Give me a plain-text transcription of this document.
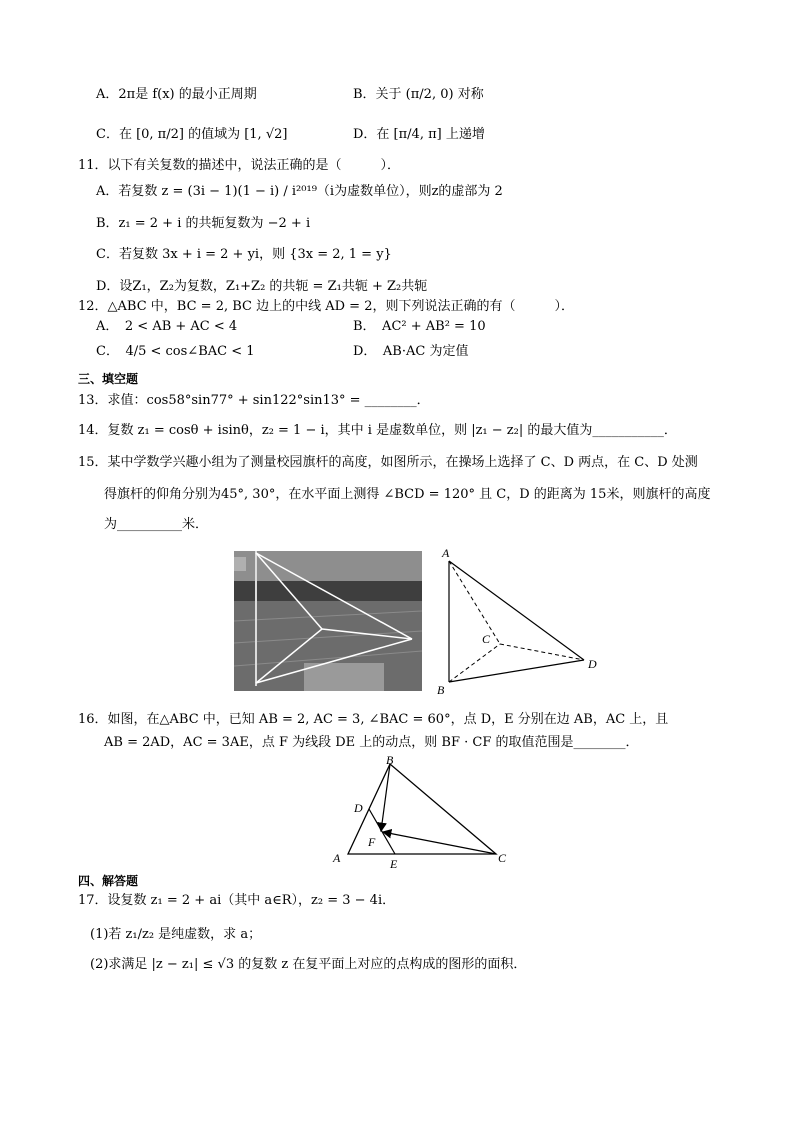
A．2π是 f(x) 的最小正周期	B．关于 (π/2, 0) 对称
C．在 [0, π/2] 的值域为 [1, √2]	D．在 [π/4, π] 上递增
11．以下有关复数的描述中，说法正确的是（　　　）．
A．若复数 z = (3i − 1)(1 − i) / i²⁰¹⁹（i为虚数单位），则z的虚部为 2
B．z₁ = 2 + i 的共轭复数为 −2 + i
C．若复数 3x + i = 2 + yi，则 {3x = 2, 1 = y}
D．设Z₁，Z₂为复数，Z₁+Z₂ 的共轭 = Z₁共轭 + Z₂共轭
12．△ABC 中，BC = 2, BC 边上的中线 AD = 2，则下列说法正确的有（　　　）．
A．　2 < AB + AC < 4	B．　AC² + AB² = 10
C．　4/5 < cos∠BAC < 1	D．　AB·AC 为定值
三、填空题
13．求值：cos58°sin77° + sin122°sin13° = ________．
14．复数 z₁ = cosθ + isinθ，z₂ = 1 − i，其中 i 是虚数单位，则 |z₁ − z₂| 的最大值为___________．
15．某中学数学兴趣小组为了测量校园旗杆的高度，如图所示，在操场上选择了 C、D 两点，在 C、D 处测
得旗杆的仰角分别为45°, 30°，在水平面上测得 ∠BCD = 120° 且 C，D 的距离为 15米，则旗杆的高度
为__________米．
A
B
C
D
16．如图，在△ABC 中，已知 AB = 2, AC = 3, ∠BAC = 60°，点 D，E 分别在边 AB，AC 上，且
AB = 2AD，AC = 3AE，点 F 为线段 DE 上的动点，则 BF · CF 的取值范围是________．
B
A	C
D
E
F
四、解答题
17．设复数 z₁ = 2 + ai（其中 a∈R），z₂ = 3 − 4i．
(1)若 z₁/z₂ 是纯虚数，求 a；
(2)求满足 |z − z₁| ≤ √3 的复数 z 在复平面上对应的点构成的图形的面积．
